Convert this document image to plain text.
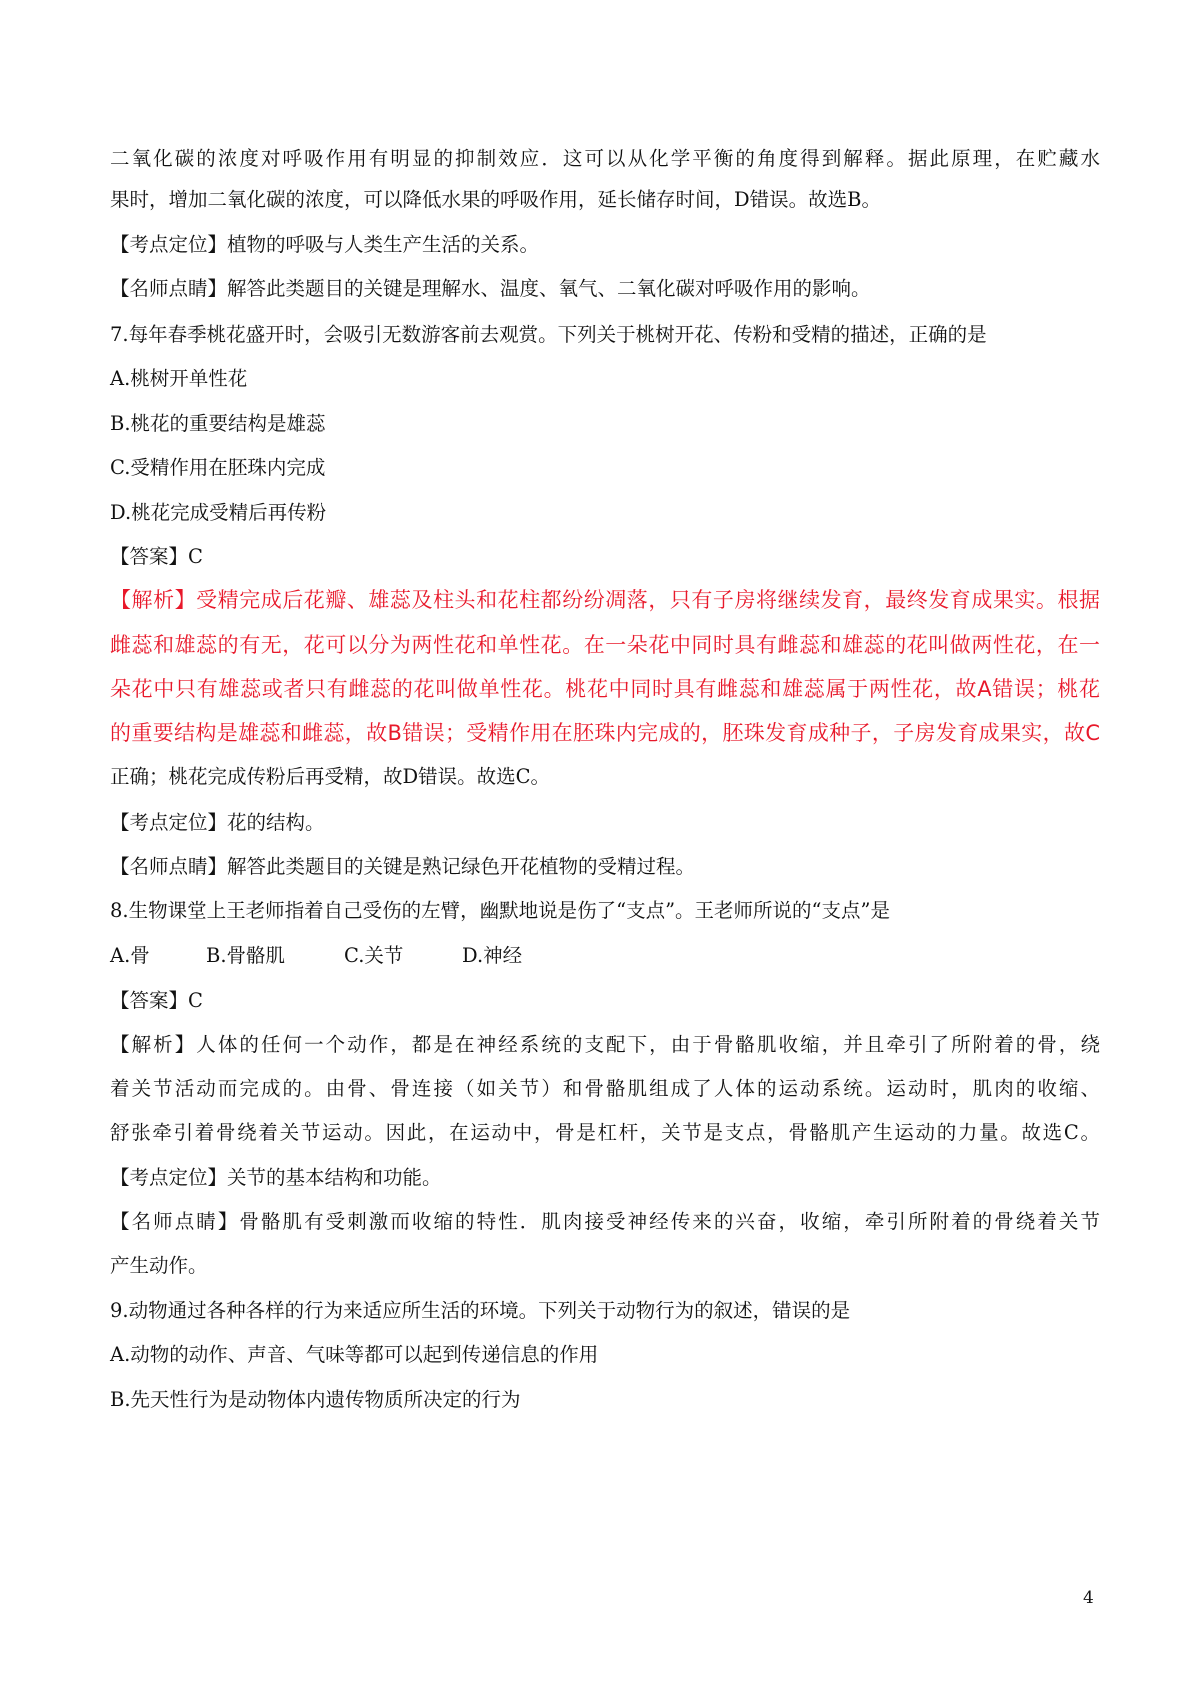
二氧化碳的浓度对呼吸作用有明显的抑制效应．这可以从化学平衡的角度得到解释。据此原理，在贮藏水
果时，增加二氧化碳的浓度，可以降低水果的呼吸作用，延长储存时间，D错误。故选B。
【考点定位】植物的呼吸与人类生产生活的关系。
【名师点睛】解答此类题目的关键是理解水、温度、氧气、二氧化碳对呼吸作用的影响。
7.每年春季桃花盛开时，会吸引无数游客前去观赏。下列关于桃树开花、传粉和受精的描述，正确的是
A.桃树开单性花
B.桃花的重要结构是雄蕊
C.受精作用在胚珠内完成
D.桃花完成受精后再传粉
【答案】C
【解析】受精完成后花瓣、雄蕊及柱头和花柱都纷纷凋落，只有子房将继续发育，最终发育成果实。根据
雌蕊和雄蕊的有无，花可以分为两性花和单性花。在一朵花中同时具有雌蕊和雄蕊的花叫做两性花，在一
朵花中只有雄蕊或者只有雌蕊的花叫做单性花。桃花中同时具有雌蕊和雄蕊属于两性花，故A错误；桃花
的重要结构是雄蕊和雌蕊，故B错误；受精作用在胚珠内完成的，胚珠发育成种子，子房发育成果实，故C
正确；桃花完成传粉后再受精，故D错误。故选C。
【考点定位】花的结构。
【名师点睛】解答此类题目的关键是熟记绿色开花植物的受精过程。
8.生物课堂上王老师指着自己受伤的左臂，幽默地说是伤了“支点”。王老师所说的“支点”是
A.骨	B.骨骼肌	C.关节	D.神经
【答案】C
【解析】人体的任何一个动作，都是在神经系统的支配下，由于骨骼肌收缩，并且牵引了所附着的骨，绕
着关节活动而完成的。由骨、骨连接（如关节）和骨骼肌组成了人体的运动系统。运动时，肌肉的收缩、
舒张牵引着骨绕着关节运动。因此，在运动中，骨是杠杆，关节是支点，骨骼肌产生运动的力量。故选C。
【考点定位】关节的基本结构和功能。
【名师点睛】骨骼肌有受刺激而收缩的特性．肌肉接受神经传来的兴奋，收缩，牵引所附着的骨绕着关节
产生动作。
9.动物通过各种各样的行为来适应所生活的环境。下列关于动物行为的叙述，错误的是
A.动物的动作、声音、气味等都可以起到传递信息的作用
B.先天性行为是动物体内遗传物质所决定的行为
4
